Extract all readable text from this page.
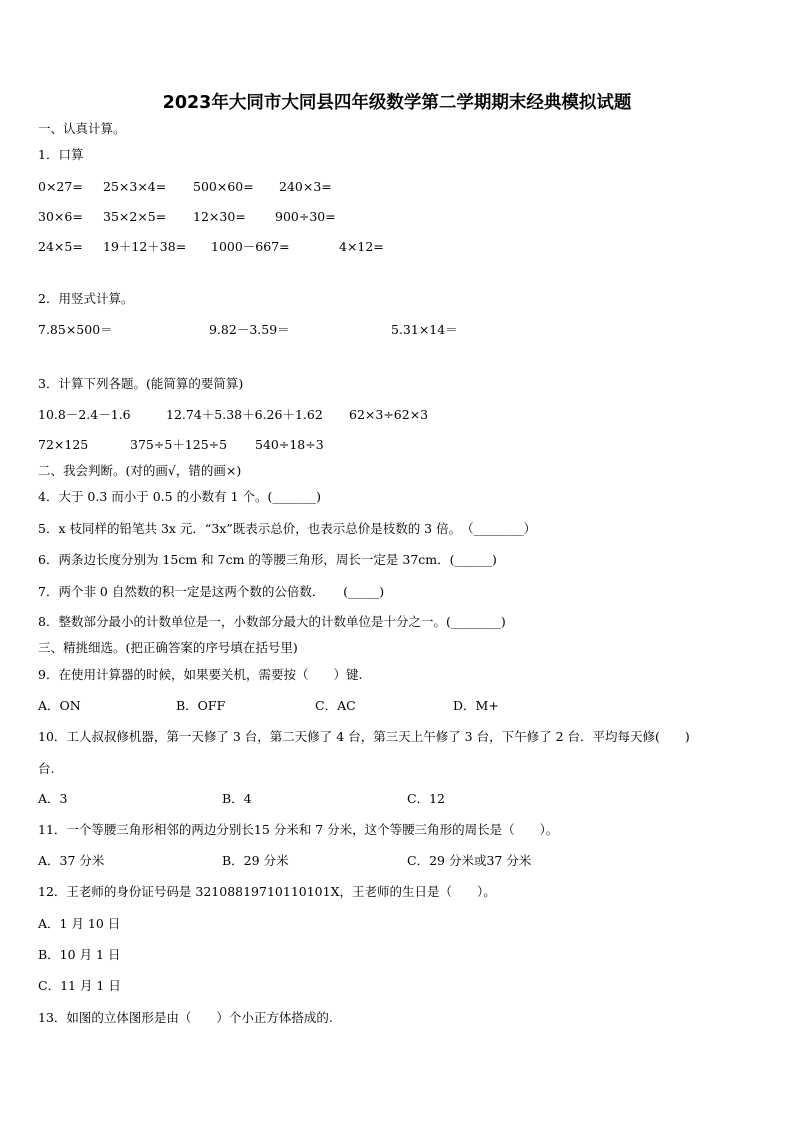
2023年大同市大同县四年级数学第二学期期末经典模拟试题
一、认真计算。
1．口算
0×27= 25×3×4= 500×60= 240×3=
30×6= 35×2×5= 12×30= 900÷30=
24×5= 19＋12＋38= 1000－667=	4×12=
2．用竖式计算。
7.85×500＝	9.82－3.59＝	5.31×14＝
3．计算下列各题。(能简算的要简算)
10.8－2.4－1.6	12.74＋5.38＋6.26＋1.62 62×3÷62×3
72×125	375÷5＋125÷5 540÷18÷3
二、我会判断。(对的画√，错的画×)
4．大于 0.3 而小于 0.5 的小数有 1 个。(_______)
5．x 枝同样的铅笔共 3x 元．“3x”既表示总价，也表示总价是枝数的 3 倍。　（________）
6．两条边长度分别为 15cm 和 7cm 的等腰三角形，周长一定是 37cm．(______)
7．两个非 0 自然数的积一定是这两个数的公倍数．　　(_____)
8．整数部分最小的计数单位是一，小数部分最大的计数单位是十分之一。(________)
三、精挑细选。(把正确答案的序号填在括号里)
9．在使用计算器的时候，如果要关机，需要按（　　）键.
A．ON	B．OFF	C．AC	D．M+
10．工人叔叔修机器，第一天修了 3 台，第二天修了 4 台，第三天上午修了 3 台，下午修了 2 台．平均每天修(　　)
台.
A．3	B．4	C．12
11．一个等腰三角形相邻的两边分别长15 分米和 7 分米，这个等腰三角形的周长是（　　）。
A．37 分米	B．29 分米	C．29 分米或37 分米
12．王老师的身份证号码是 321088197101101​01X，王老师的生日是（　　）。
A．1 月 10 日
B．10 月 1 日
C．11 月 1 日
13．如图的立体图形是由（　　）个小正方体搭成的.
